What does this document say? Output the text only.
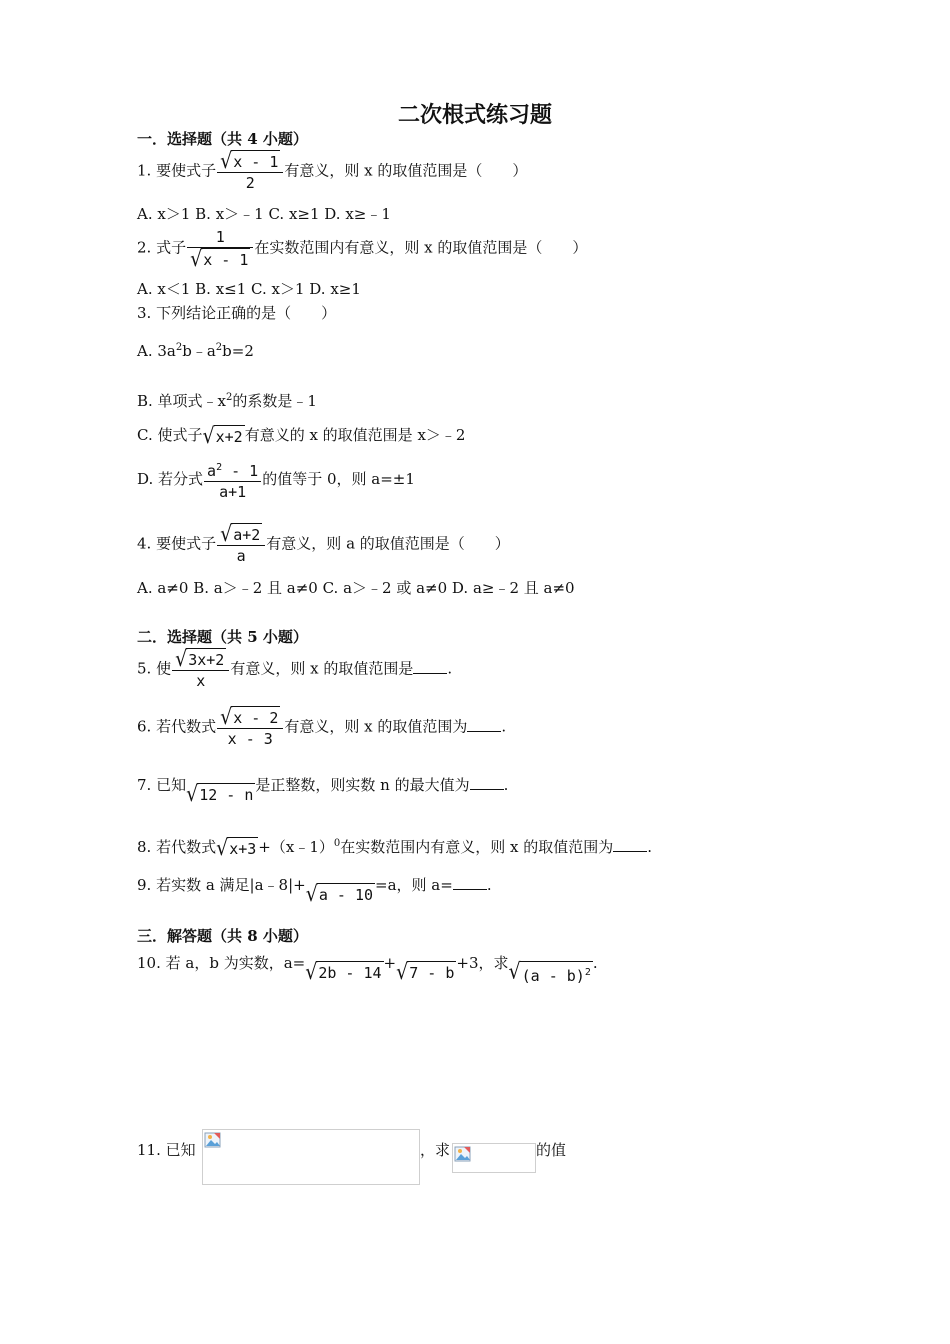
二次根式练习题
一．选择题（共 4 小题）
1. 要使式子 $\frac{√ x - 1}{2}$ 有意义，则 x 的取值范围是（　　）
A. x＞1 B. x＞﹣1 C. x≥1 D. x≥﹣1
2. 式子 $\frac{1}{√ x - 1}$ 在实数范围内有意义，则 x 的取值范围是（　　）
A. x＜1 B. x≤1 C. x＞1 D. x≥1
3. 下列结论正确的是（　　）
A. $3a^2b﹣a^2b=2$
B. 单项式$﹣x^2$的系数是﹣1
C. 使式子 √ x+2 有意义的 x 的取值范围是 x＞﹣2
D. 若分式 $\frac{a^2 - 1}{a+1}$ 的值等于 0，则 a=±1
4. 要使式子 $\frac{√ a+2}{a}$ 有意义，则 a 的取值范围是（　　）
A. a≠0 B. a＞﹣2 且 a≠0 C. a＞﹣2 或 a≠0 D. a≥﹣2 且 a≠0
二．选择题（共 5 小题）
5. 使 $\frac{√ 3x+2}{x}$ 有意义，则 x 的取值范围是 .
6. 若代数式 $\frac{√ x - 2}{x - 3}$ 有意义，则 x 的取值范围为 .
7. 已知 √ 12 - n
是正整数，则实数 n 的最大值为 .
8. 若代数式 √ x+3 +（x﹣1）$^0$在实数范围内有意义，则 x 的取值范围为 .
9. 若实数 a 满足|a﹣8|+ √ a - 10
=a，则 a= .
三．解答题（共 8 小题）
10. 若 a，b 为实数，a= √ 2b - 14
+ √ 7 - b
+3，求 √ (a - b)$^2$
.
11. 已知	，求	的值
